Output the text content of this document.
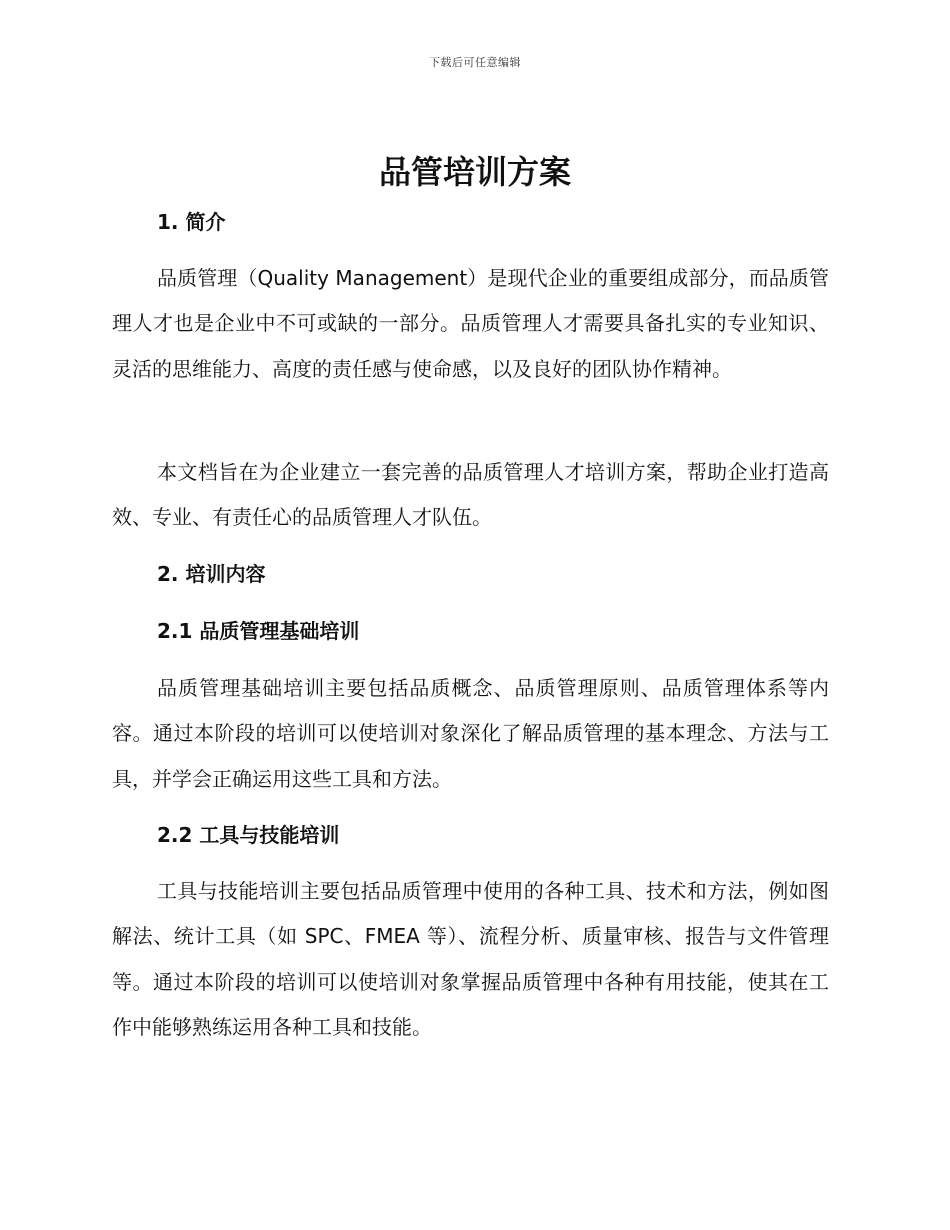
下载后可任意编辑
品管培训方案
1. 简介

品质管理（Quality Management）是现代企业的重要组成部分，而品质管理人才也是企业中不可或缺的一部分。品质管理人才需要具备扎实的专业知识、灵活的思维能力、高度的责任感与使命感，以及良好的团队协作精神。

本文档旨在为企业建立一套完善的品质管理人才培训方案，帮助企业打造高效、专业、有责任心的品质管理人才队伍。

2. 培训内容
2.1 品质管理基础培训

品质管理基础培训主要包括品质概念、品质管理原则、品质管理体系等内容。通过本阶段的培训可以使培训对象深化了解品质管理的基本理念、方法与工具，并学会正确运用这些工具和方法。

2.2 工具与技能培训

工具与技能培训主要包括品质管理中使用的各种工具、技术和方法，例如图解法、统计工具（如 SPC、FMEA 等）、流程分析、质量审核、报告与文件管理等。通过本阶段的培训可以使培训对象掌握品质管理中各种有用技能，使其在工作中能够熟练运用各种工具和技能。
